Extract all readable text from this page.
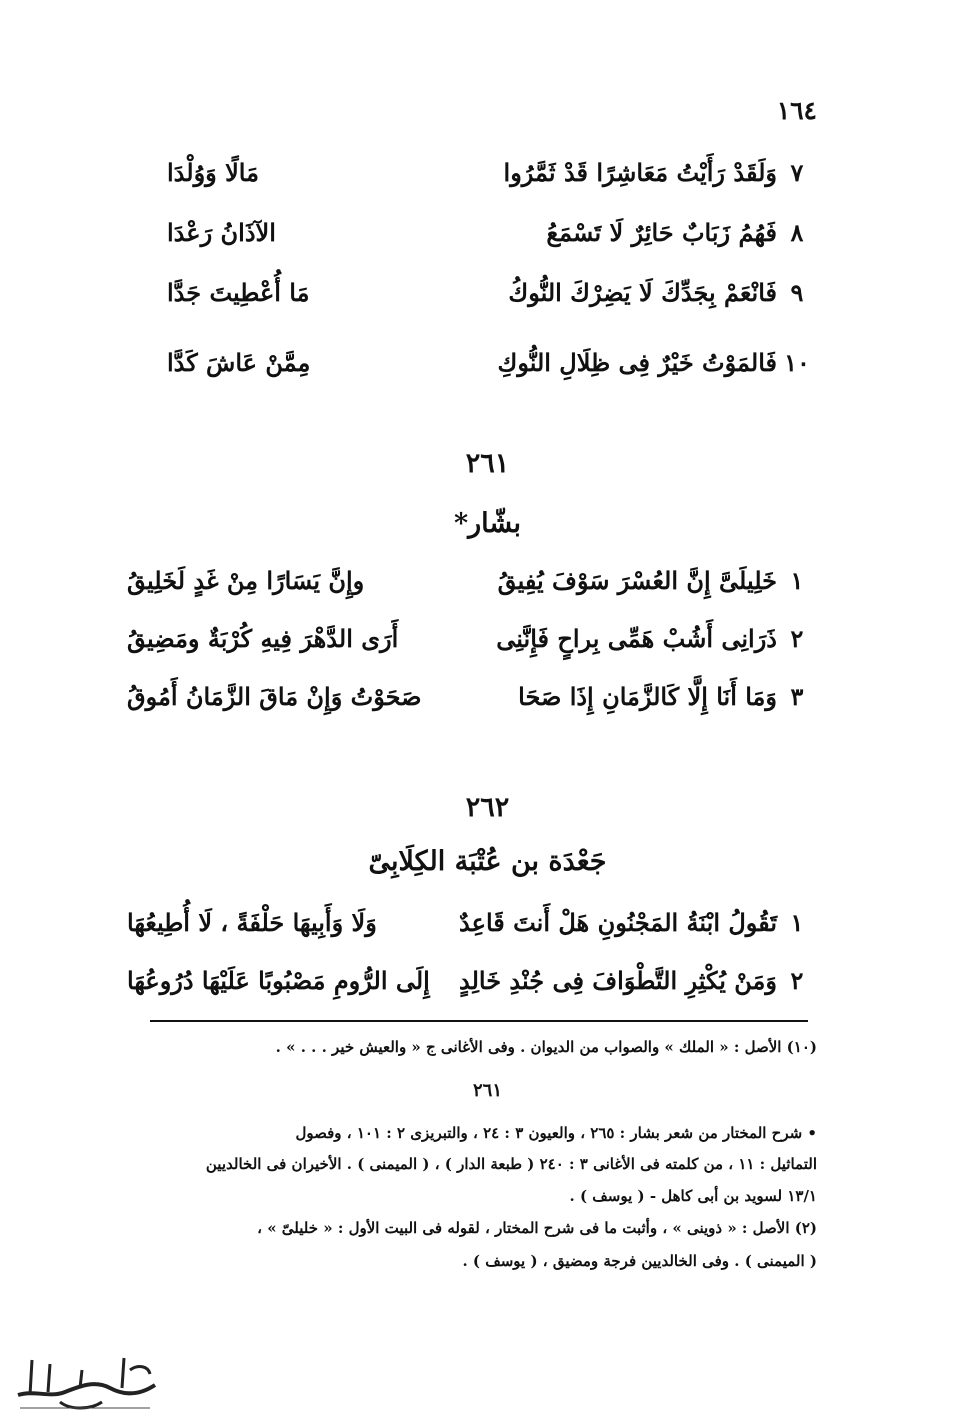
١٦٤
٧
وَلَقَدْ رَأَيْتُ مَعَاشِرًا قَدْ ثَمَّرُوا
مَالًا وَوُلْدَا
٨
فَهُمُ زَبَابٌ حَائِرٌ لَا تَسْمَعُ
الآذَانُ رَعْدَا
٩
فَانْعَمْ بِجَدِّكَ لَا يَضِرْكَ النُّوكُ
مَا أُعْطِيتَ جَدَّا
١٠
فَالمَوْتُ خَيْرٌ فِى ظِلَالِ النُّوكِ
مِمَّنْ عَاشَ كَدَّا
٢٦١
بشّار*
١
خَلِيلَىَّ إِنَّ العُسْرَ سَوْفَ يُفِيقُ
وإِنَّ يَسَارًا مِنْ غَدٍ لَخَلِيقُ
٢
ذَرَانِى أَشُبْ هَمِّى بِراحٍ فَإِنَّنِى
أَرَى الدَّهْرَ فِيهِ كُرْبَةٌ ومَضِيقُ
٣
وَمَا أَنَا إِلَّا كَالزَّمَانِ إِذَا صَحَا
صَحَوْتُ وَإِنْ مَاقَ الزَّمَانُ أَمُوقُ
٢٦٢
جَعْدَة بن عُتْبَة الكِلَابِىّ
١
تَقُولُ ابْنَةُ المَجْنُونِ هَلْ أَنتَ قَاعِدٌ
وَلَا وَأَبِيهَا حَلْفَةً ، لَا أُطِيعُهَا
٢
وَمَنْ يُكْثِرِ التَّطْوَافَ فِى جُنْدِ خَالِدٍ
إِلَى الرُّومِ مَصْبُوبًا عَلَيْهَا دُرُوعُهَا
(١٠) الأصل : « الملك » والصواب من الديوان . وفى الأغانى ج « والعيش خير . . . » .
٢٦١
• شرح المختار من شعر بشار : ٢٦٥ ، والعيون ٣ : ٢٤ ، والتبريزى ٢ : ١٠١ ، وفصول
التماثيل : ١١ ، من كلمته فى الأغانى ٣ : ٢٤٠ ( طبعة الدار ) ، ( الميمنى ) . الأخيران فى الخالديين
١٣/١ لسويد بن أبى كاهل - ( يوسف ) .
(٢) الأصل : « ذوينى » ، وأثبت ما فى شرح المختار ، لقوله فى البيت الأول : « خليلىّ » ،
( الميمنى ) . وفى الخالديين فرجة ومضيق ، ( يوسف ) .
